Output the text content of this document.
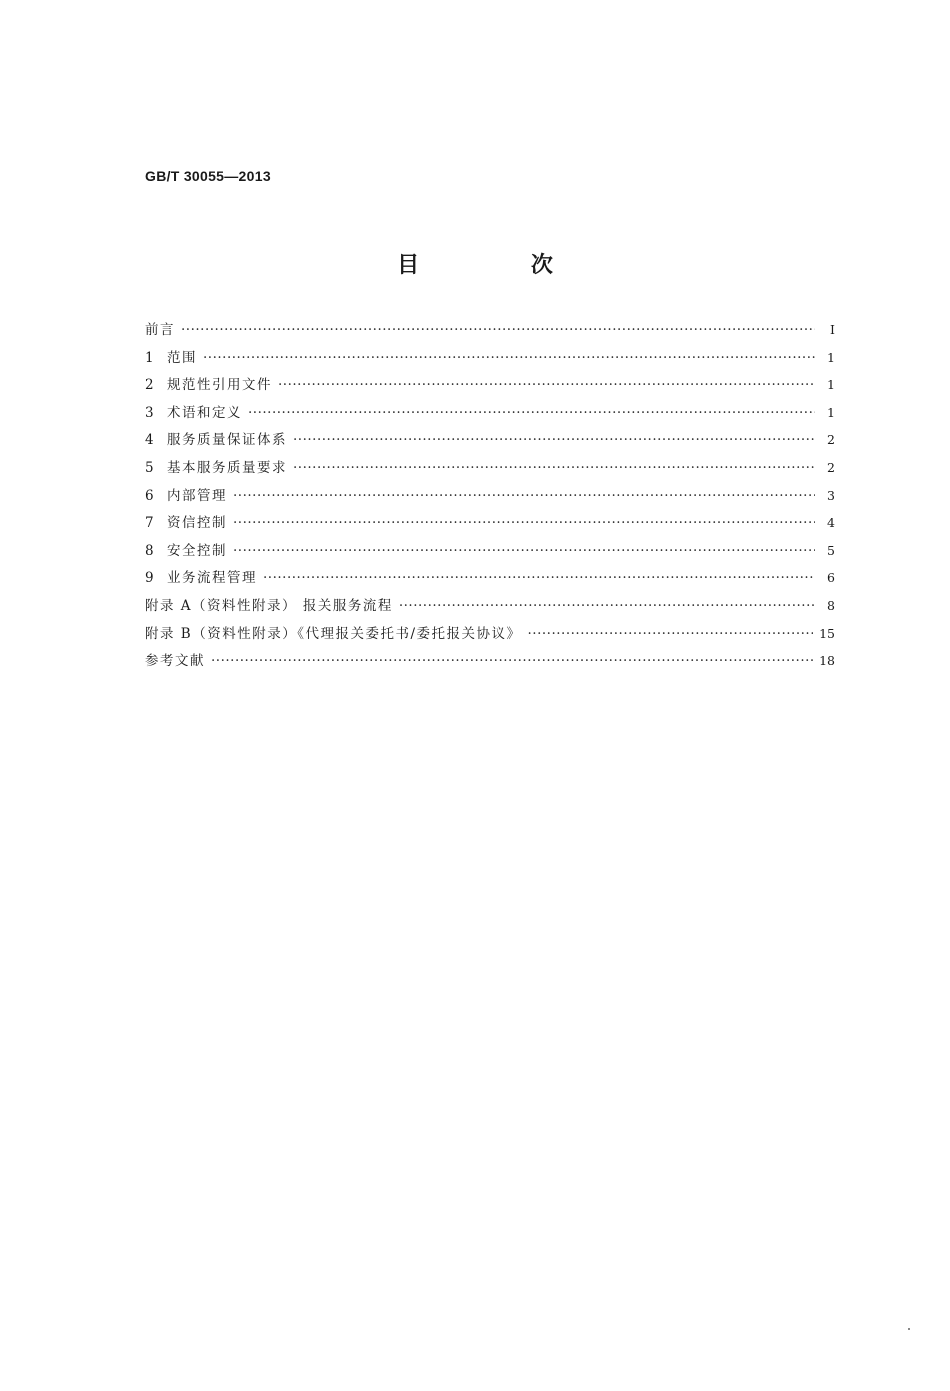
GB/T 30055—2013
目 次
前言 ·····	Ⅰ
1 范围 ·····	1
2 规范性引用文件 ·····	1
3 术语和定义 ·····	1
4 服务质量保证体系 ·····	2
5 基本服务质量要求 ·····	2
6 内部管理 ·····	3
7 资信控制 ·····	4
8 安全控制 ·····	5
9 业务流程管理 ·····	6
附录 A（资料性附录） 报关服务流程 ·····	8
附录 B（资料性附录）《代理报关委托书/委托报关协议》 ·····	15
参考文献 ·····	18
